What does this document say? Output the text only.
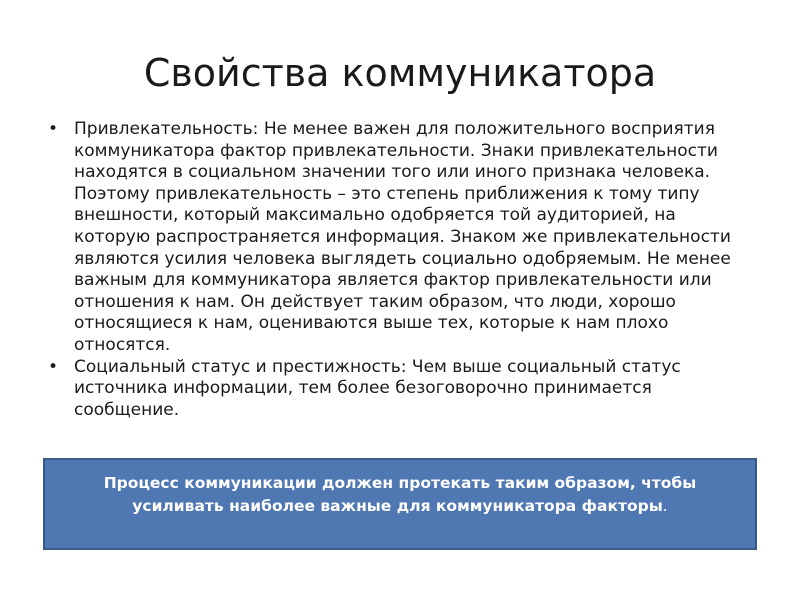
Свойства коммуникатора
• Привлекательность: Не менее важен для положительного восприятия коммуникатора фактор привлекательности. Знаки привлекательности находятся в социальном значении того или иного признака человека. Поэтому привлекательность – это степень приближения к тому типу внешности, который максимально одобряется той аудиторией, на которую распространяется информация. Знаком же привлекательности являются усилия человека выглядеть социально одобряемым. Не менее важным для коммуникатора является фактор привлекательности или отношения к нам. Он действует таким образом, что люди, хорошо относящиеся к нам, оцениваются выше тех, которые к нам плохо относятся.
• Социальный статус и престижность: Чем выше социальный статус источника информации, тем более безоговорочно принимается сообщение.
Процесс коммуникации должен протекать таким образом, чтобы усиливать наиболее важные для коммуникатора факторы.
